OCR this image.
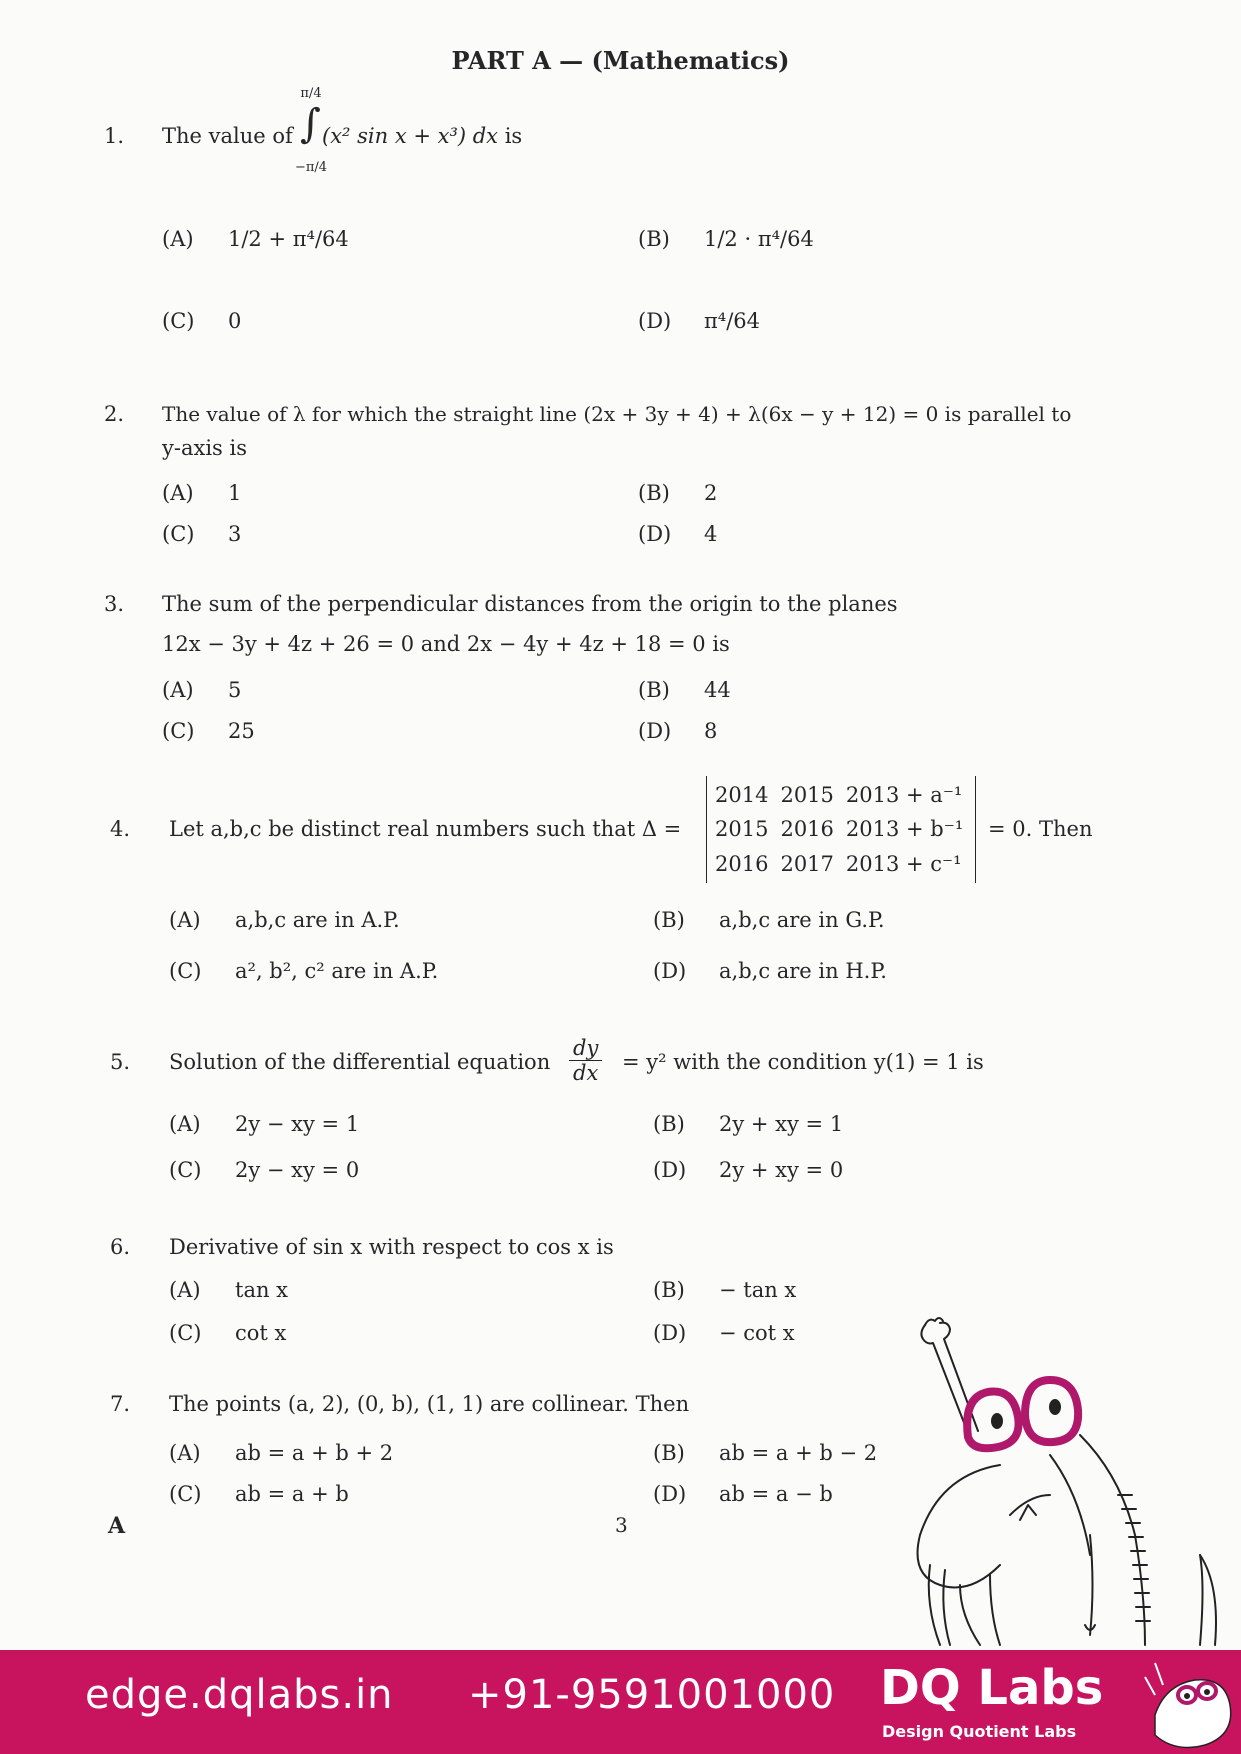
PART A — (Mathematics)
1. The value of
π/4
∫
−π/4
(x² sin x + x³) dx is
(A) 1/2 + π⁴/64	(B) 1/2 · π⁴/64
(C) 0	(D) π⁴/64
2. The value of λ for which the straight line (2x + 3y + 4) + λ(6x − y + 12) = 0 is parallel to
y-axis is
(A) 1	(B) 2
(C) 3	(D) 4
3. The sum of the perpendicular distances from the origin to the planes
12x − 3y + 4z + 26 = 0 and 2x − 4y + 4z + 18 = 0 is
(A) 5	(B) 44
(C) 25	(D) 8
4. Let a,b,c be distinct real numbers such that Δ =
2014	2015	2013 + a⁻¹
2015	2016	2013 + b⁻¹
2016	2017	2013 + c⁻¹
= 0. Then
(A) a,b,c are in A.P.	(B) a,b,c are in G.P.
(C) a², b², c² are in A.P.	(D) a,b,c are in H.P.
5. Solution of the differential equation $\frac{dy}{dx} = y^2$ with the condition y(1) = 1 is
(A) 2y − xy = 1	(B) 2y + xy = 1
(C) 2y − xy = 0	(D) 2y + xy = 0
6. Derivative of sin x with respect to cos x is
(A) tan x	(B) − tan x
(C) cot x	(D) − cot x
7. The points (a, 2), (0, b), (1, 1) are collinear. Then
(A) ab = a + b + 2	(B) ab = a + b − 2
(C) ab = a + b	(D) ab = a − b
A	3
edge.dqlabs.in +91-9591001000 DQ Labs
Design Quotient Labs
